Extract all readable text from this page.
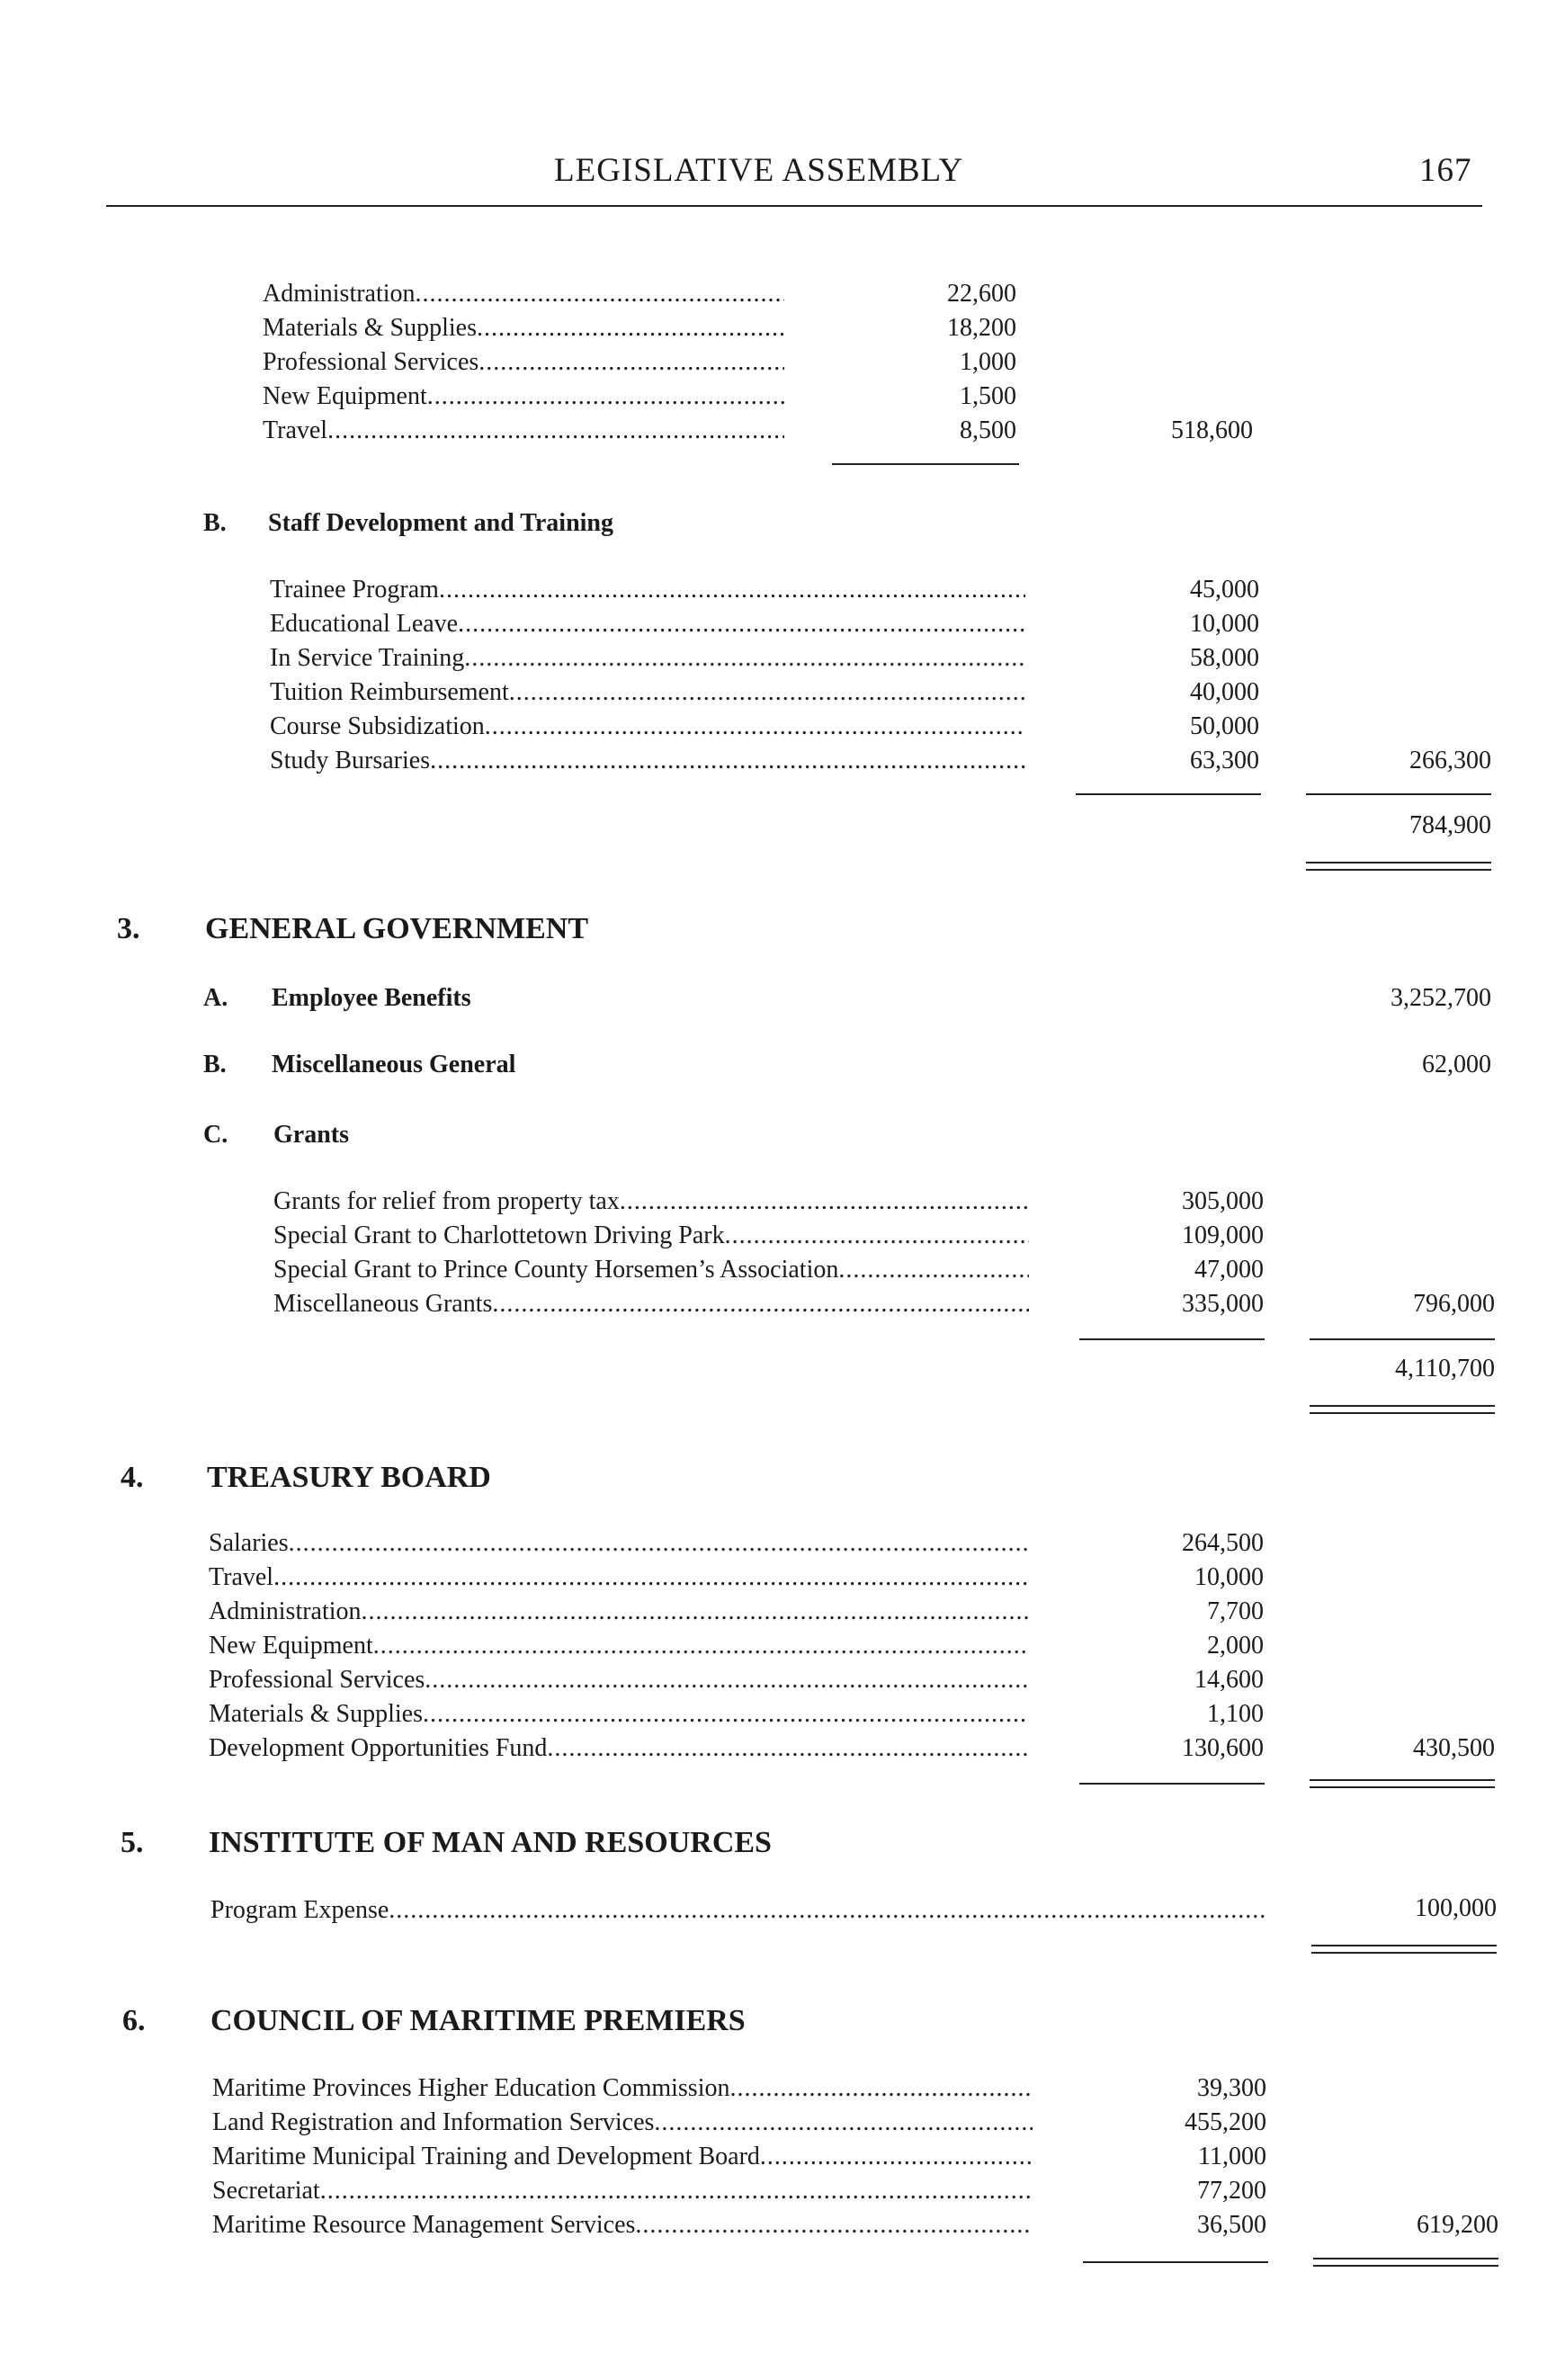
LEGISLATIVE ASSEMBLY	167
Administration .....	22,600
Materials & Supplies .....	18,200
Professional Services .....	1,000
New Equipment .....	1,500
Travel .....	8,500	518,600
B. Staff Development and Training
Trainee Program .....	45,000
Educational Leave .....	10,000
In Service Training .....	58,000
Tuition Reimbursement .....	40,000
Course Subsidization .....	50,000
Study Bursaries .....	63,300	266,300
784,900
3. GENERAL GOVERNMENT
A. Employee Benefits	3,252,700
B. Miscellaneous General	62,000
C. Grants
Grants for relief from property tax .....	305,000
Special Grant to Charlottetown Driving Park .....	109,000
Special Grant to Prince County Horsemen’s Association .....	47,000
Miscellaneous Grants .....	335,000	796,000
4,110,700
4. TREASURY BOARD
Salaries .....	264,500
Travel .....	10,000
Administration .....	7,700
New Equipment .....	2,000
Professional Services .....	14,600
Materials & Supplies .....	1,100
Development Opportunities Fund .....	130,600	430,500
5. INSTITUTE OF MAN AND RESOURCES
Program Expense .....	100,000
6. COUNCIL OF MARITIME PREMIERS
Maritime Provinces Higher Education Commission .....	39,300
Land Registration and Information Services .....	455,200
Maritime Municipal Training and Development Board .....	11,000
Secretariat .....	77,200
Maritime Resource Management Services .....	36,500	619,200
